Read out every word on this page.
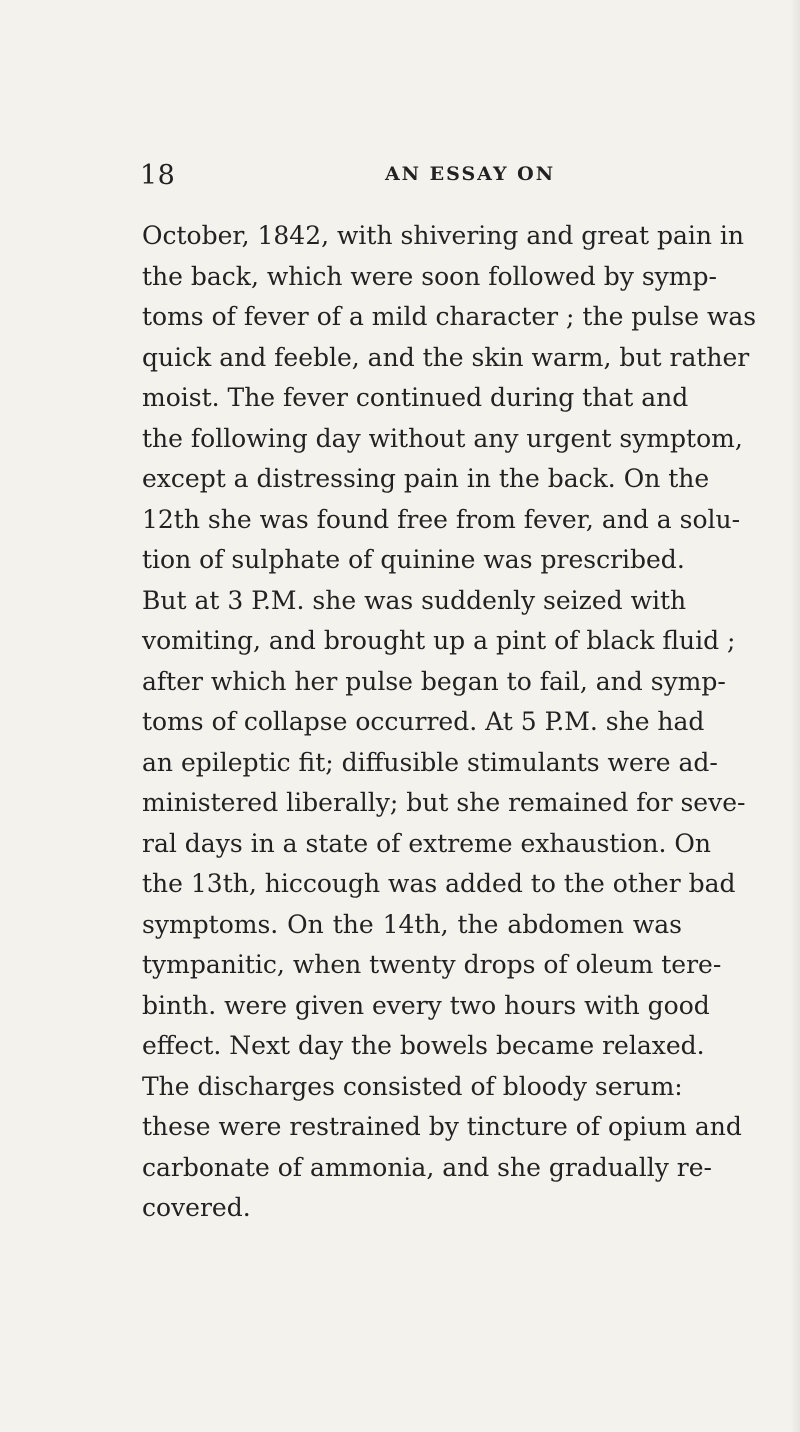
18	AN ESSAY ON
October, 1842, with shivering and great pain in
the back, which were soon followed by symp-
toms of fever of a mild character ; the pulse was
quick and feeble, and the skin warm, but rather
moist. The fever continued during that and
the following day without any urgent symptom,
except a distressing pain in the back. On the
12th she was found free from fever, and a solu-
tion of sulphate of quinine was prescribed.
But at 3 P.M. she was suddenly seized with
vomiting, and brought up a pint of black fluid ;
after which her pulse began to fail, and symp-
toms of collapse occurred. At 5 P.M. she had
an epileptic fit; diffusible stimulants were ad-
ministered liberally; but she remained for seve-
ral days in a state of extreme exhaustion. On
the 13th, hiccough was added to the other bad
symptoms. On the 14th, the abdomen was
tympanitic, when twenty drops of oleum tere-
binth. were given every two hours with good
effect. Next day the bowels became relaxed.
The discharges consisted of bloody serum:
these were restrained by tincture of opium and
carbonate of ammonia, and she gradually re-
covered.
